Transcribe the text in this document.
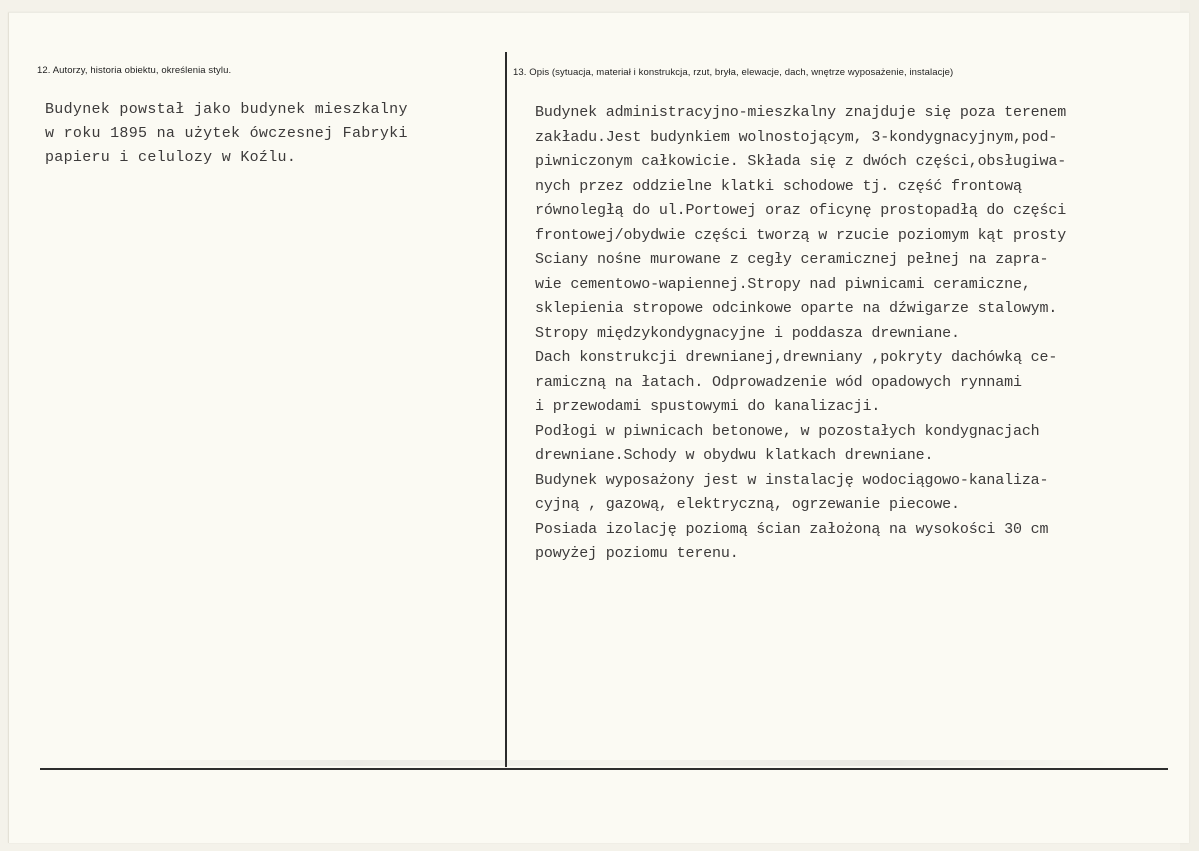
12. Autorzy, historia obiektu, określenia stylu.
Budynek powstał jako budynek mieszkalny
w roku 1895 na użytek ówczesnej Fabryki
papieru i celulozy w Koźlu.
13. Opis (sytuacja, materiał i konstrukcja, rzut, bryła, elewacje, dach, wnętrze wyposażenie, instalacje)
Budynek administracyjno-mieszkalny znajduje się poza terenem
zakładu.Jest budynkiem wolnostojącym, 3-kondygnacyjnym,pod-
piwniczonym całkowicie. Składa się z dwóch części,obsługiwa-
nych przez oddzielne klatki schodowe tj. część frontową
równoległą do ul.Portowej oraz oficynę prostopadłą do części
frontowej/obydwie części tworzą w rzucie poziomym kąt prosty
Sciany nośne murowane z cegły ceramicznej pełnej na zapra-
wie cementowo-wapiennej.Stropy nad piwnicami ceramiczne,
sklepienia stropowe odcinkowe oparte na dźwigarze stalowym.
Stropy międzykondygnacyjne i poddasza drewniane.
Dach konstrukcji drewnianej,drewniany ,pokryty dachówką ce-
ramiczną na łatach. Odprowadzenie wód opadowych rynnami
i przewodami spustowymi do kanalizacji.
Podłogi w piwnicach betonowe, w pozostałych kondygnacjach
drewniane.Schody w obydwu klatkach drewniane.
Budynek wyposażony jest w instalację wodociągowo-kanaliza-
cyjną , gazową, elektryczną, ogrzewanie piecowe.
Posiada izolację poziomą ścian założoną na wysokości 30 cm
powyżej poziomu terenu.
